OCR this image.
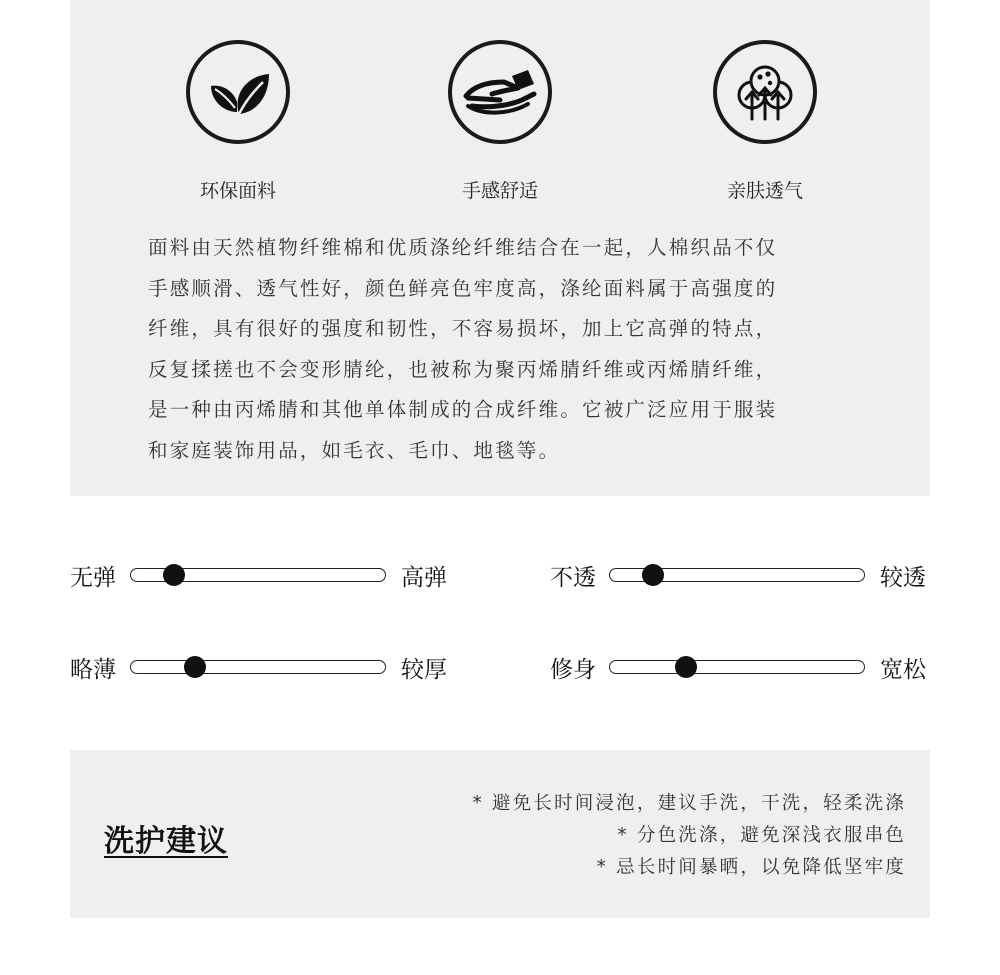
环保面料	手感舒适	亲肤透气

面料由天然植物纤维棉和优质涤纶纤维结合在一起，人棉织品不仅

手感顺滑、透气性好，颜色鲜亮色牢度高，涤纶面料属于高强度的

纤维，具有很好的强度和韧性，不容易损坏，加上它高弹的特点，

反复揉搓也不会变形腈纶，也被称为聚丙烯腈纤维或丙烯腈纤维，

是一种由丙烯腈和其他单体制成的合成纤维。它被广泛应用于服装

和家庭装饰用品，如毛衣、毛巾、地毯等。

无弹	高弹	不透	较透
略薄	较厚	修身	宽松
洗护建议
* 避免长时间浸泡，建议手洗，干洗，轻柔洗涤
* 分色洗涤，避免深浅衣服串色
* 忌长时间暴晒，以免降低坚牢度
